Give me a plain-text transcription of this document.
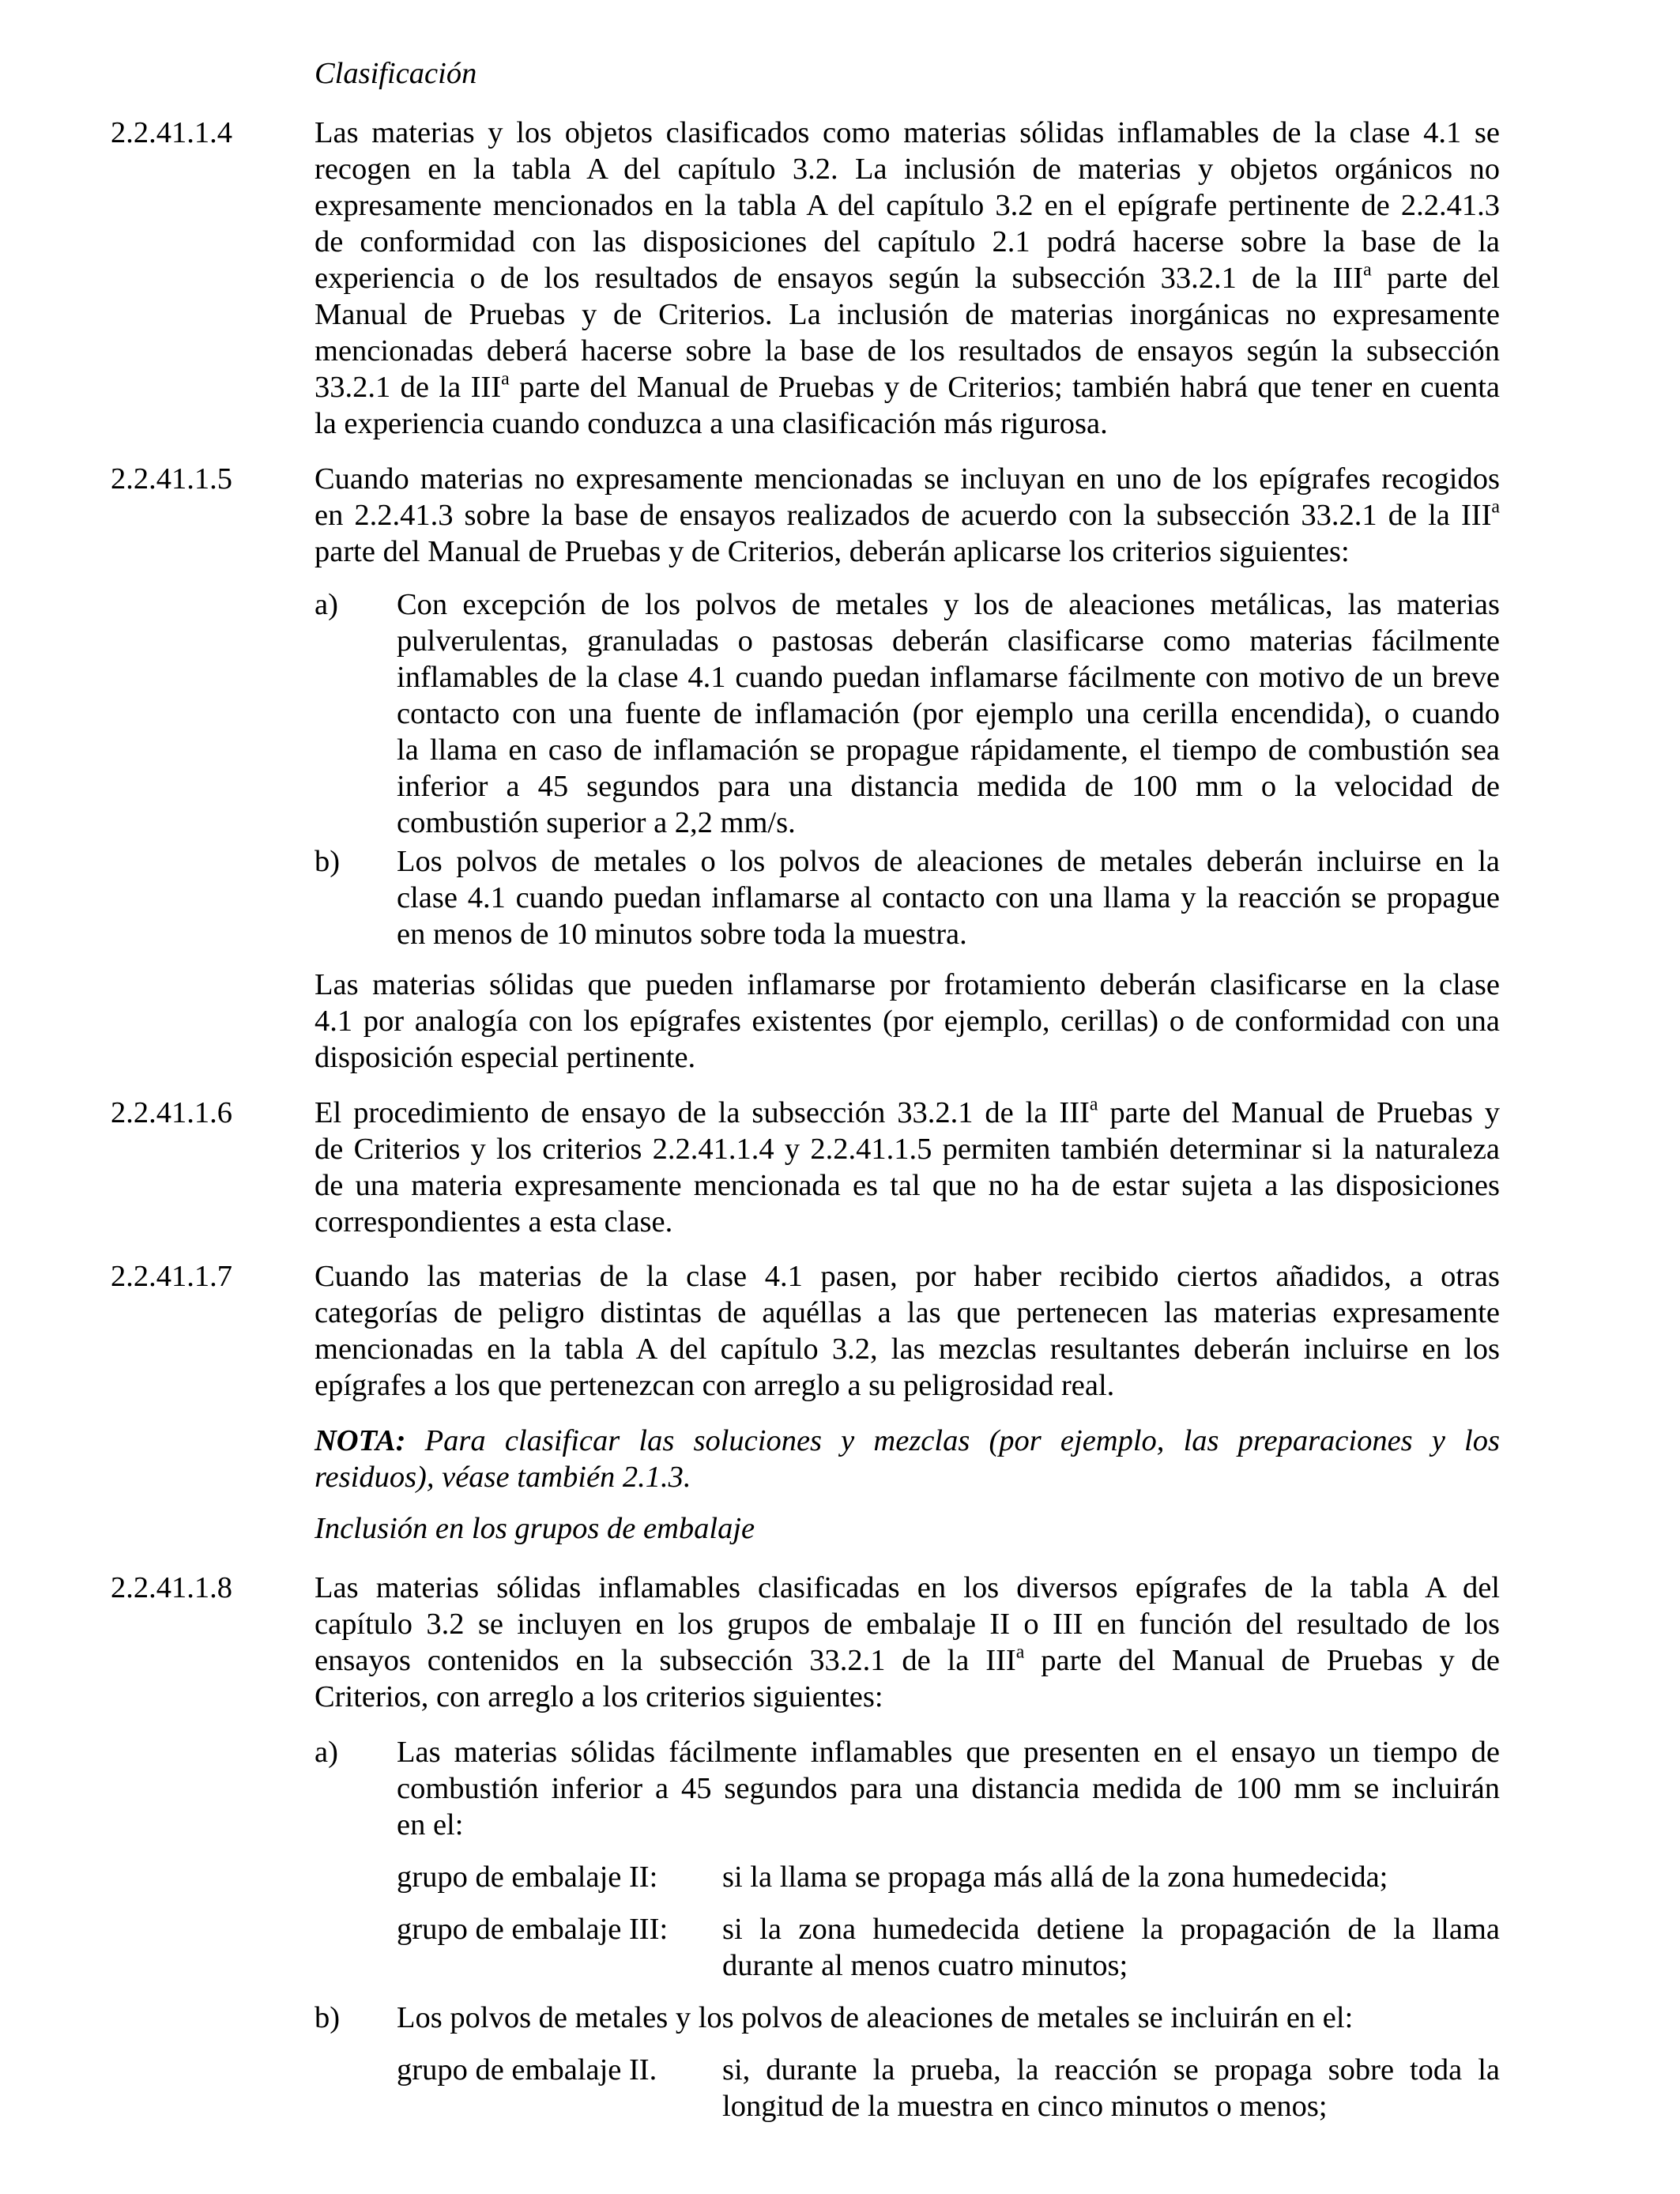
Clasificación
2.2.41.1.4	Las materias y los objetos clasificados como materias sólidas inflamables de la clase 4.1 se
recogen en la tabla A del capítulo 3.2. La inclusión de materias y objetos orgánicos no
expresamente mencionados en la tabla A del capítulo 3.2 en el epígrafe pertinente de 2.2.41.3
de conformidad con las disposiciones del capítulo 2.1 podrá hacerse sobre la base de la
experiencia o de los resultados de ensayos según la subsección 33.2.1 de la III$^a$ parte del
Manual de Pruebas y de Criterios. La inclusión de materias inorgánicas no expresamente
mencionadas deberá hacerse sobre la base de los resultados de ensayos según la subsección
33.2.1 de la III$^a$ parte del Manual de Pruebas y de Criterios; también habrá que tener en cuenta
la experiencia cuando conduzca a una clasificación más rigurosa.
2.2.41.1.5	Cuando materias no expresamente mencionadas se incluyan en uno de los epígrafes recogidos
en 2.2.41.3 sobre la base de ensayos realizados de acuerdo con la subsección 33.2.1 de la III$^a$
parte del Manual de Pruebas y de Criterios, deberán aplicarse los criterios siguientes:
a) Con excepción de los polvos de metales y los de aleaciones metálicas, las materias
pulverulentas, granuladas o pastosas deberán clasificarse como materias fácilmente
inflamables de la clase 4.1 cuando puedan inflamarse fácilmente con motivo de un breve
contacto con una fuente de inflamación (por ejemplo una cerilla encendida), o cuando
la llama en caso de inflamación se propague rápidamente, el tiempo de combustión sea
inferior a 45 segundos para una distancia medida de 100 mm o la velocidad de
combustión superior a 2,2 mm/s.
b) Los polvos de metales o los polvos de aleaciones de metales deberán incluirse en la
clase 4.1 cuando puedan inflamarse al contacto con una llama y la reacción se propague
en menos de 10 minutos sobre toda la muestra.
Las materias sólidas que pueden inflamarse por frotamiento deberán clasificarse en la clase
4.1 por analogía con los epígrafes existentes (por ejemplo, cerillas) o de conformidad con una
disposición especial pertinente.
2.2.41.1.6	El procedimiento de ensayo de la subsección 33.2.1 de la III$^a$ parte del Manual de Pruebas y
de Criterios y los criterios 2.2.41.1.4 y 2.2.41.1.5 permiten también determinar si la naturaleza
de una materia expresamente mencionada es tal que no ha de estar sujeta a las disposiciones
correspondientes a esta clase.
2.2.41.1.7	Cuando las materias de la clase 4.1 pasen, por haber recibido ciertos añadidos, a otras
categorías de peligro distintas de aquéllas a las que pertenecen las materias expresamente
mencionadas en la tabla A del capítulo 3.2, las mezclas resultantes deberán incluirse en los
epígrafes a los que pertenezcan con arreglo a su peligrosidad real.
NOTA: Para clasificar las soluciones y mezclas (por ejemplo, las preparaciones y los
residuos), véase también 2.1.3.
Inclusión en los grupos de embalaje
2.2.41.1.8	Las materias sólidas inflamables clasificadas en los diversos epígrafes de la tabla A del
capítulo 3.2 se incluyen en los grupos de embalaje II o III en función del resultado de los
ensayos contenidos en la subsección 33.2.1 de la III$^a$ parte del Manual de Pruebas y de
Criterios, con arreglo a los criterios siguientes:
a) Las materias sólidas fácilmente inflamables que presenten en el ensayo un tiempo de
combustión inferior a 45 segundos para una distancia medida de 100 mm se incluirán
en el:
grupo de embalaje II: si la llama se propaga más allá de la zona humedecida;
grupo de embalaje III: si la zona humedecida detiene la propagación de la llama
durante al menos cuatro minutos;
b) Los polvos de metales y los polvos de aleaciones de metales se incluirán en el:
grupo de embalaje II. si, durante la prueba, la reacción se propaga sobre toda la
longitud de la muestra en cinco minutos o menos;
